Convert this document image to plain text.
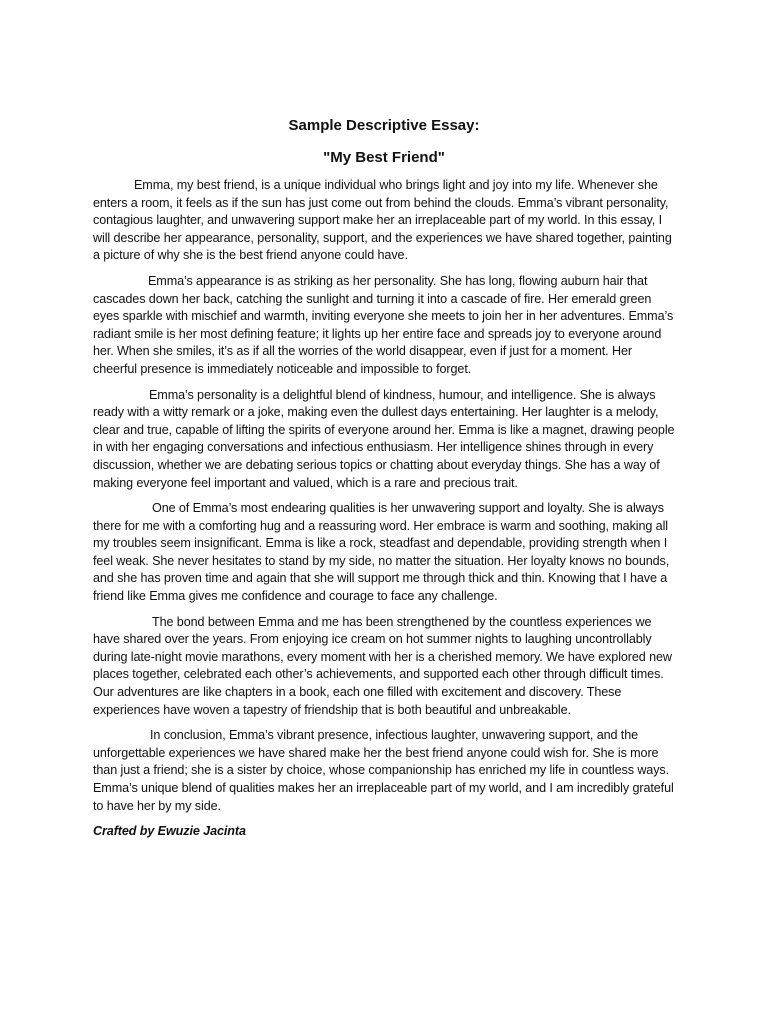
Sample Descriptive Essay:
"My Best Friend"

Emma, my best friend, is a unique individual who brings light and joy into my life. Whenever she enters a room, it feels as if the sun has just come out from behind the clouds. Emma’s vibrant personality, contagious laughter, and unwavering support make her an irreplaceable part of my world. In this essay, I will describe her appearance, personality, support, and the experiences we have shared together, painting a picture of why she is the best friend anyone could have.

Emma’s appearance is as striking as her personality. She has long, flowing auburn hair that cascades down her back, catching the sunlight and turning it into a cascade of fire. Her emerald green eyes sparkle with mischief and warmth, inviting everyone she meets to join her in her adventures. Emma’s radiant smile is her most defining feature; it lights up her entire face and spreads joy to everyone around her. When she smiles, it’s as if all the worries of the world disappear, even if just for a moment. Her cheerful presence is immediately noticeable and impossible to forget.

Emma’s personality is a delightful blend of kindness, humour, and intelligence. She is always ready with a witty remark or a joke, making even the dullest days entertaining. Her laughter is a melody, clear and true, capable of lifting the spirits of everyone around her. Emma is like a magnet, drawing people in with her engaging conversations and infectious enthusiasm. Her intelligence shines through in every discussion, whether we are debating serious topics or chatting about everyday things. She has a way of making everyone feel important and valued, which is a rare and precious trait.

One of Emma’s most endearing qualities is her unwavering support and loyalty. She is always there for me with a comforting hug and a reassuring word. Her embrace is warm and soothing, making all my troubles seem insignificant. Emma is like a rock, steadfast and dependable, providing strength when I feel weak. She never hesitates to stand by my side, no matter the situation. Her loyalty knows no bounds, and she has proven time and again that she will support me through thick and thin. Knowing that I have a friend like Emma gives me confidence and courage to face any challenge.

The bond between Emma and me has been strengthened by the countless experiences we have shared over the years. From enjoying ice cream on hot summer nights to laughing uncontrollably during late-night movie marathons, every moment with her is a cherished memory. We have explored new places together, celebrated each other’s achievements, and supported each other through difficult times. Our adventures are like chapters in a book, each one filled with excitement and discovery. These experiences have woven a tapestry of friendship that is both beautiful and unbreakable.

In conclusion, Emma’s vibrant presence, infectious laughter, unwavering support, and the unforgettable experiences we have shared make her the best friend anyone could wish for. She is more than just a friend; she is a sister by choice, whose companionship has enriched my life in countless ways. Emma’s unique blend of qualities makes her an irreplaceable part of my world, and I am incredibly grateful to have her by my side.

Crafted by Ewuzie Jacinta
